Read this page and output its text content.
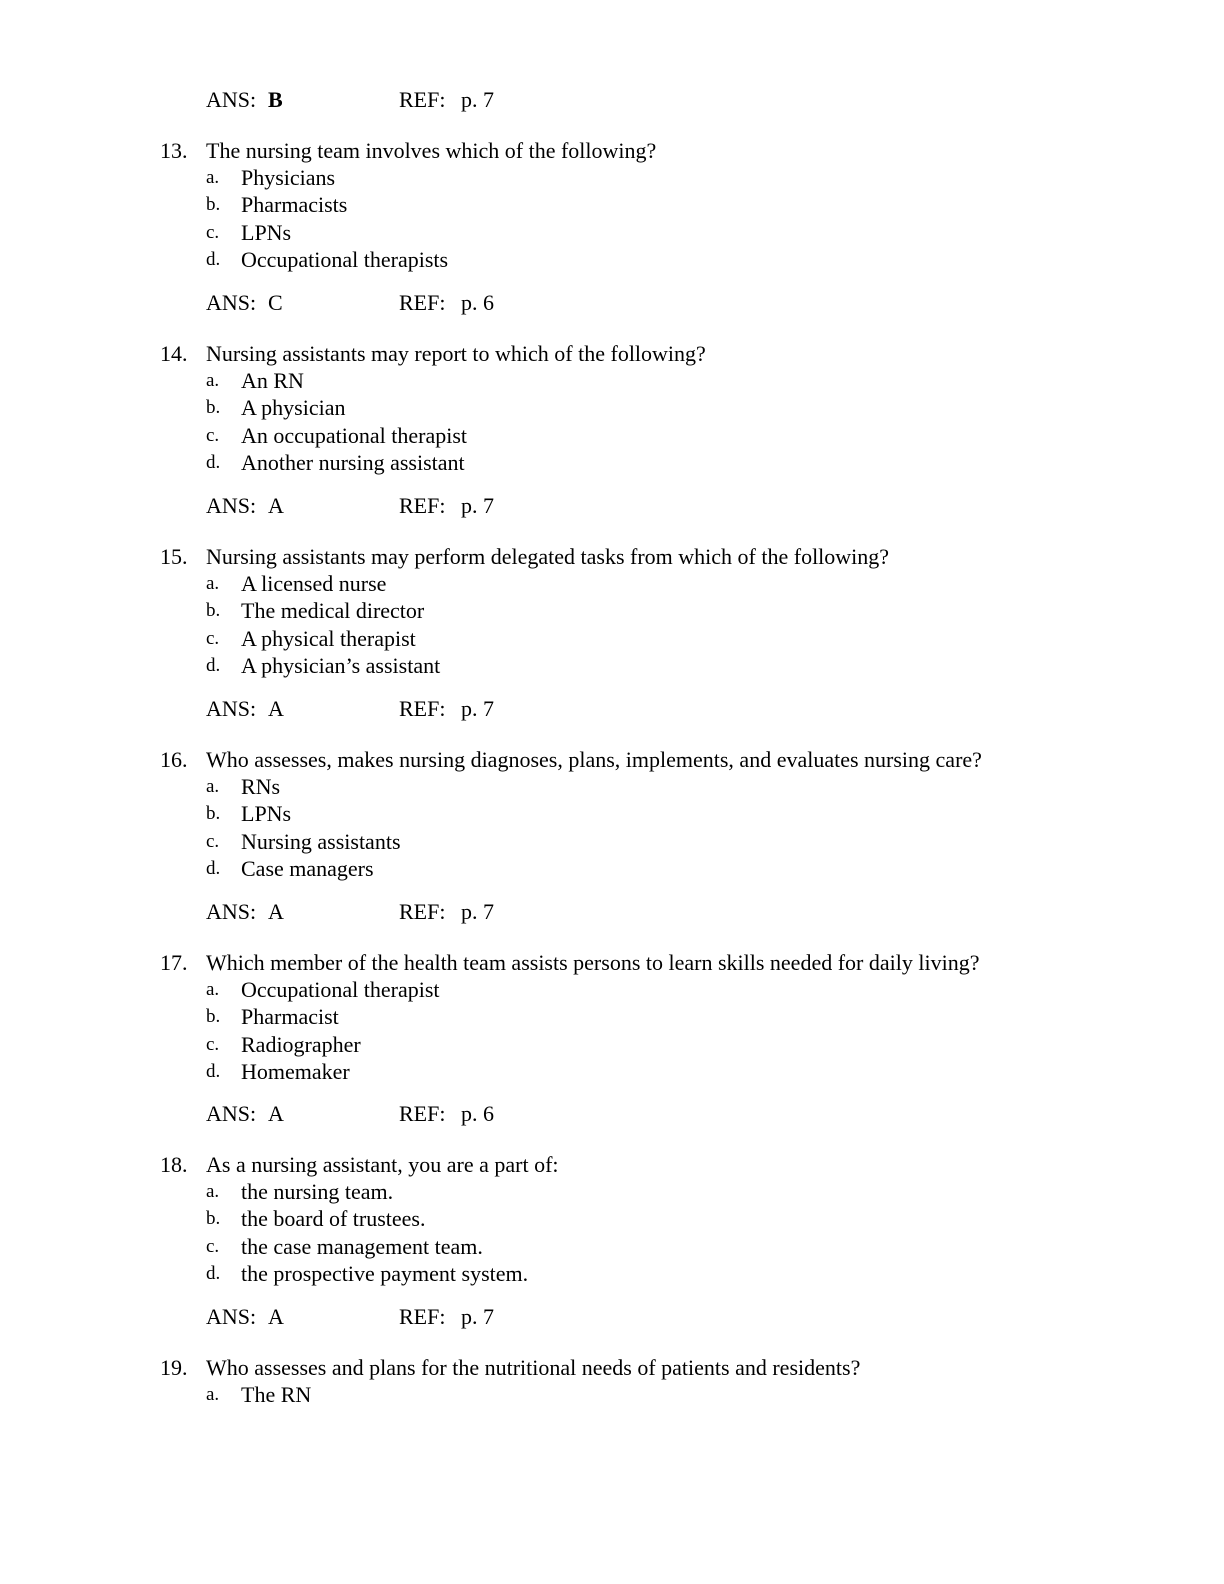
ANS: B	REF: p. 7
13. The nursing team involves which of the following?
a. Physicians
b. Pharmacists
c. LPNs
d. Occupational therapists
ANS: C	REF: p. 6
14. Nursing assistants may report to which of the following?
a. An RN
b. A physician
c. An occupational therapist
d. Another nursing assistant
ANS: A	REF: p. 7
15. Nursing assistants may perform delegated tasks from which of the following?
a. A licensed nurse
b. The medical director
c. A physical therapist
d. A physician’s assistant
ANS: A	REF: p. 7
16. Who assesses, makes nursing diagnoses, plans, implements, and evaluates nursing care?
a. RNs
b. LPNs
c. Nursing assistants
d. Case managers
ANS: A	REF: p. 7
17. Which member of the health team assists persons to learn skills needed for daily living?
a. Occupational therapist
b. Pharmacist
c. Radiographer
d. Homemaker
ANS: A	REF: p. 6
18. As a nursing assistant, you are a part of:
a. the nursing team.
b. the board of trustees.
c. the case management team.
d. the prospective payment system.
ANS: A	REF: p. 7
19. Who assesses and plans for the nutritional needs of patients and residents?
a. The RN
